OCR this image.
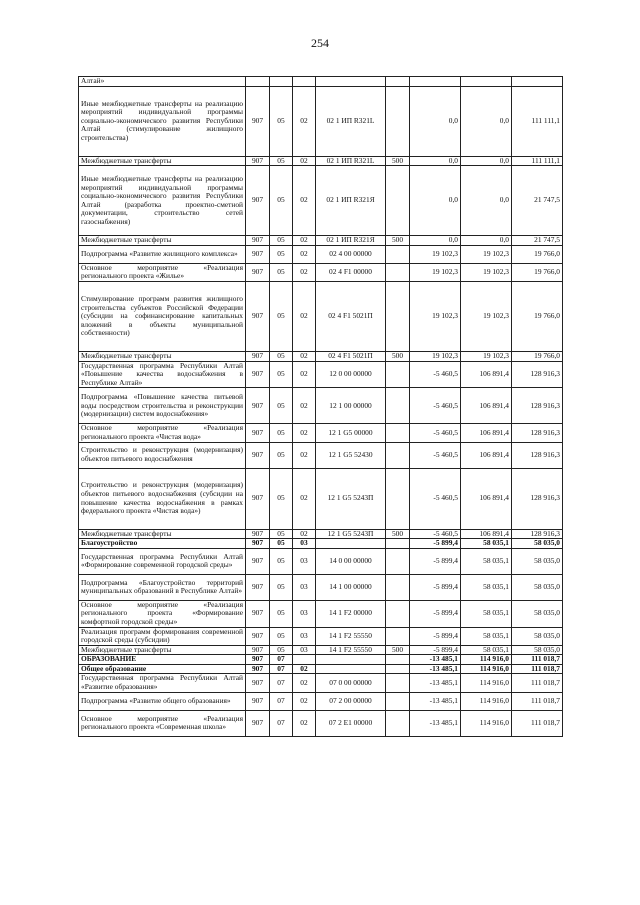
254
Алтай»								
Иные межбюджетные трансферты на реализацию мероприятий индивидуальной программы социально-экономического развития Республики Алтай (стимулирование жилищного строительства)	907	05	02	02 1 ИП R321L		0,0	0,0	111 111,1
Межбюджетные трансферты	907	05	02	02 1 ИП R321L	500	0,0	0,0	111 111,1
Иные межбюджетные трансферты на реализацию мероприятий индивидуальной программы социально-экономического развития Республики Алтай (разработка проектно-сметной документации, строительство сетей газоснабжения)	907	05	02	02 1 ИП R321Я		0,0	0,0	21 747,5
Межбюджетные трансферты	907	05	02	02 1 ИП R321Я	500	0,0	0,0	21 747,5
Подпрограмма «Развитие жилищного комплекса»	907	05	02	02 4 00 00000		19 102,3	19 102,3	19 766,0
Основное мероприятие «Реализация регионального проекта «Жилье»	907	05	02	02 4 F1 00000		19 102,3	19 102,3	19 766,0
Стимулирование программ развития жилищного строительства субъектов Российской Федерации (субсидии на софинансирование капитальных вложений в объекты муниципальной собственности)	907	05	02	02 4 F1 5021П		19 102,3	19 102,3	19 766,0
Межбюджетные трансферты	907	05	02	02 4 F1 5021П	500	19 102,3	19 102,3	19 766,0
Государственная программа Республики Алтай «Повышение качества водоснабжения в Республике Алтай»	907	05	02	12 0 00 00000		-5 460,5	106 891,4	128 916,3
Подпрограмма «Повышение качества питьевой воды посредством строительства и реконструкции (модернизации) систем водоснабжения»	907	05	02	12 1 00 00000		-5 460,5	106 891,4	128 916,3
Основное мероприятие «Реализация регионального проекта «Чистая вода»	907	05	02	12 1 G5 00000		-5 460,5	106 891,4	128 916,3
Строительство и реконструкция (модернизация) объектов питьевого водоснабжения	907	05	02	12 1 G5 52430		-5 460,5	106 891,4	128 916,3
Строительство и реконструкция (модернизация) объектов питьевого водоснабжения (субсидии на повышение качества водоснабжения в рамках федерального проекта «Чистая вода»)	907	05	02	12 1 G5 5243П		-5 460,5	106 891,4	128 916,3
Межбюджетные трансферты	907	05	02	12 1 G5 5243П	500	-5 460,5	106 891,4	128 916,3
Благоустройство	907	05	03			-5 899,4	58 035,1	58 035,0
Государственная программа Республики Алтай «Формирование современной городской среды»	907	05	03	14 0 00 00000		-5 899,4	58 035,1	58 035,0
Подпрограмма «Благоустройство территорий муниципальных образований в Республике Алтай»	907	05	03	14 1 00 00000		-5 899,4	58 035,1	58 035,0
Основное мероприятие «Реализация регионального проекта «Формирование комфортной городской среды»	907	05	03	14 1 F2 00000		-5 899,4	58 035,1	58 035,0
Реализация программ формирования современной городской среды (субсидии)	907	05	03	14 1 F2 55550		-5 899,4	58 035,1	58 035,0
Межбюджетные трансферты	907	05	03	14 1 F2 55550	500	-5 899,4	58 035,1	58 035,0
ОБРАЗОВАНИЕ	907	07				-13 485,1	114 916,0	111 018,7
Общее образование	907	07	02			-13 485,1	114 916,0	111 018,7
Государственная программа Республики Алтай «Развитие образования»	907	07	02	07 0 00 00000		-13 485,1	114 916,0	111 018,7
Подпрограмма «Развитие общего образования»	907	07	02	07 2 00 00000		-13 485,1	114 916,0	111 018,7
Основное мероприятие «Реализация регионального проекта «Современная школа»	907	07	02	07 2 E1 00000		-13 485,1	114 916,0	111 018,7
